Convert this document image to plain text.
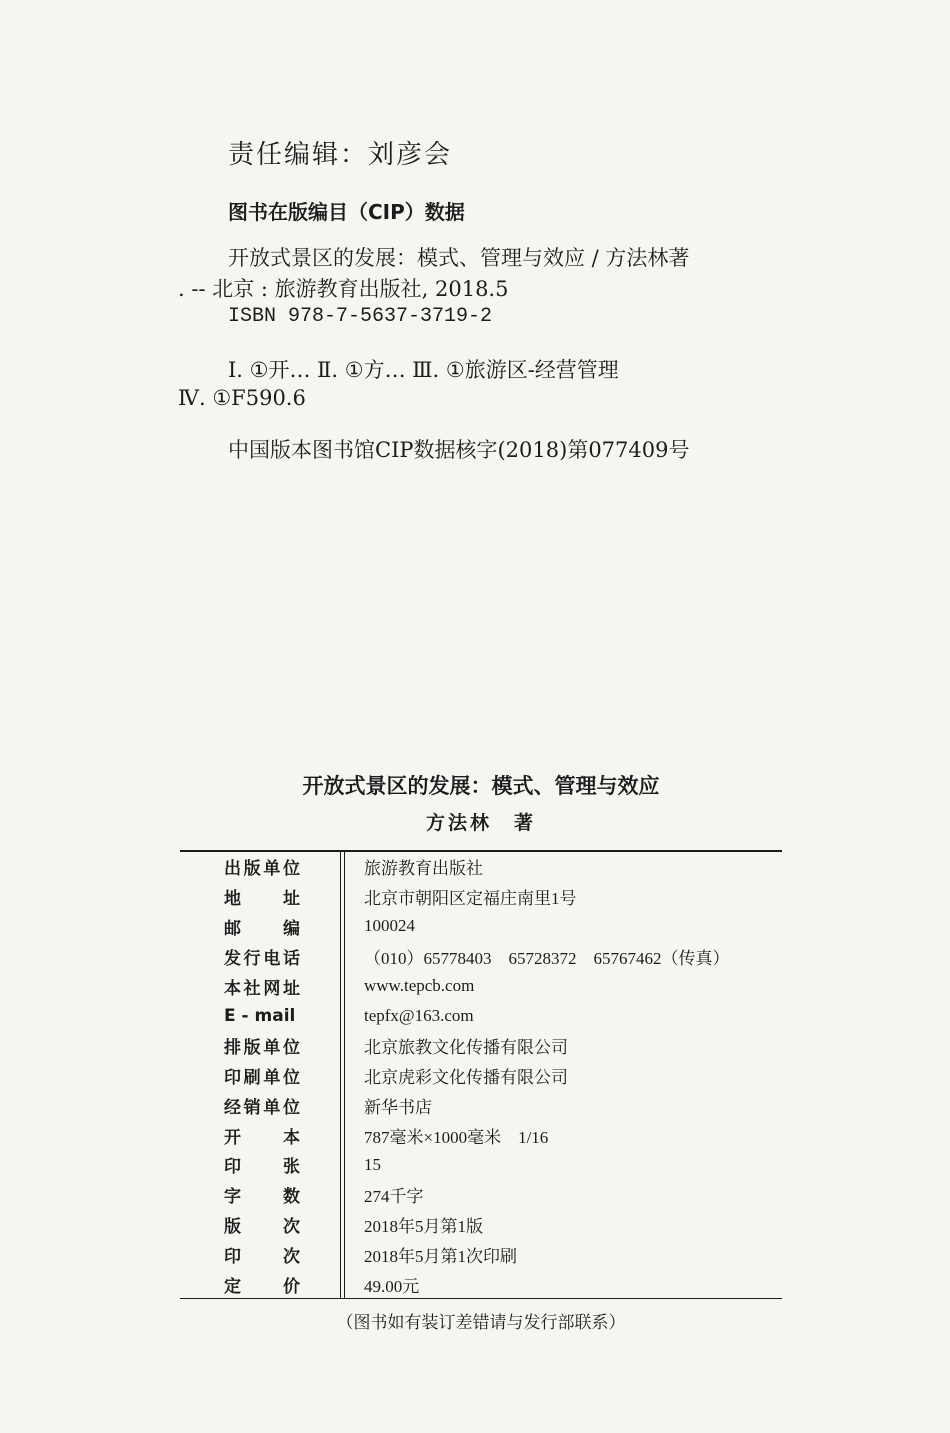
责任编辑：刘彦会
图书在版编目（CIP）数据
开放式景区的发展：模式、管理与效应 / 方法林著
. -- 北京 : 旅游教育出版社, 2018.5
ISBN 978-7-5637-3719-2
Ⅰ. ①开… Ⅱ. ①方… Ⅲ. ①旅游区-经营管理
Ⅳ. ①F590.6
中国版本图书馆CIP数据核字(2018)第077409号
开放式景区的发展：模式、管理与效应
方法林　著
出版单位	旅游教育出版社
地　址	北京市朝阳区定福庄南里1号
邮　编	100024
发行电话	（010）65778403　65728372　65767462（传真）
本社网址	www.tepcb.com
E - mail	tepfx@163.com
排版单位	北京旅教文化传播有限公司
印刷单位	北京虎彩文化传播有限公司
经销单位	新华书店
开　本	787毫米×1000毫米　1/16
印　张	15
字　数	274千字
版　次	2018年5月第1版
印　次	2018年5月第1次印刷
定　价	49.00元
（图书如有装订差错请与发行部联系）
